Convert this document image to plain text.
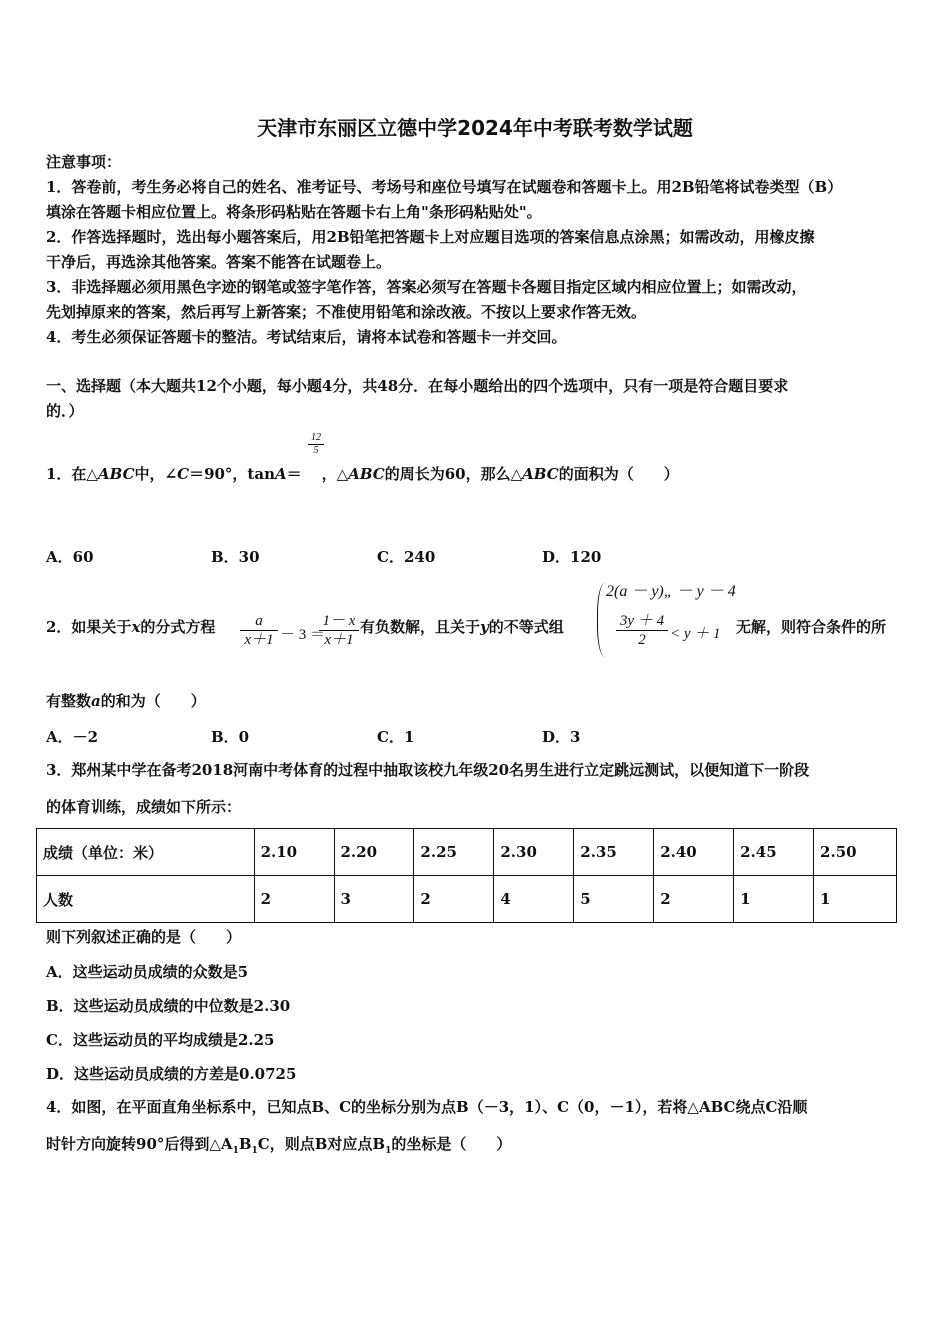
天津市东丽区立德中学2024年中考联考数学试题
注意事项：
1．答卷前，考生务必将自己的姓名、准考证号、考场号和座位号填写在试题卷和答题卡上。用2B铅笔将试卷类型（B）
填涂在答题卡相应位置上。将条形码粘贴在答题卡右上角"条形码粘贴处"。
2．作答选择题时，选出每小题答案后，用2B铅笔把答题卡上对应题目选项的答案信息点涂黑；如需改动，用橡皮擦
干净后，再选涂其他答案。答案不能答在试题卷上。
3．非选择题必须用黑色字迹的钢笔或签字笔作答，答案必须写在答题卡各题目指定区域内相应位置上；如需改动，
先划掉原来的答案，然后再写上新答案；不准使用铅笔和涂改液。不按以上要求作答无效。
4．考生必须保证答题卡的整洁。考试结束后，请将本试卷和答题卡一并交回。
一、选择题（本大题共12个小题，每小题4分，共48分．在每小题给出的四个选项中，只有一项是符合题目要求
的．）
1．在△ABC中，∠C＝90°，tanA＝ ，△ABC的周长为60，那么△ABC的面积为（　　）
12
5
A．60	B．30	C．240	D．120
2．如果关于x的分式方程	a
x＋1 － 3 ＝
1－ x
x＋1
有负数解，且关于y的不等式组
2(a － y)„ － y － 4
3y ＋ 4
2	< y ＋ 1 无解，则符合条件的所
有整数a的和为（　　）
A．－2	B．0	C．1	D．3
3．郑州某中学在备考2018河南中考体育的过程中抽取该校九年级20名男生进行立定跳远测试，以便知道下一阶段
的体育训练，成绩如下所示：
成绩（单位：米）	2.10	2.20	2.25	2.30	2.35	2.40	2.45	2.50
人数	2	3	2	4	5	2	1	1
则下列叙述正确的是（　　）
A．这些运动员成绩的众数是5
B．这些运动员成绩的中位数是2.30
C．这些运动员的平均成绩是2.25
D．这些运动员成绩的方差是0.0725
4．如图，在平面直角坐标系中，已知点B、C的坐标分别为点B（－3，1）、C（0，－1），若将△ABC绕点C沿顺
时针方向旋转90°后得到$\triangle A_1B_1C$，则点B对应点$B_1$的坐标是（　　）
